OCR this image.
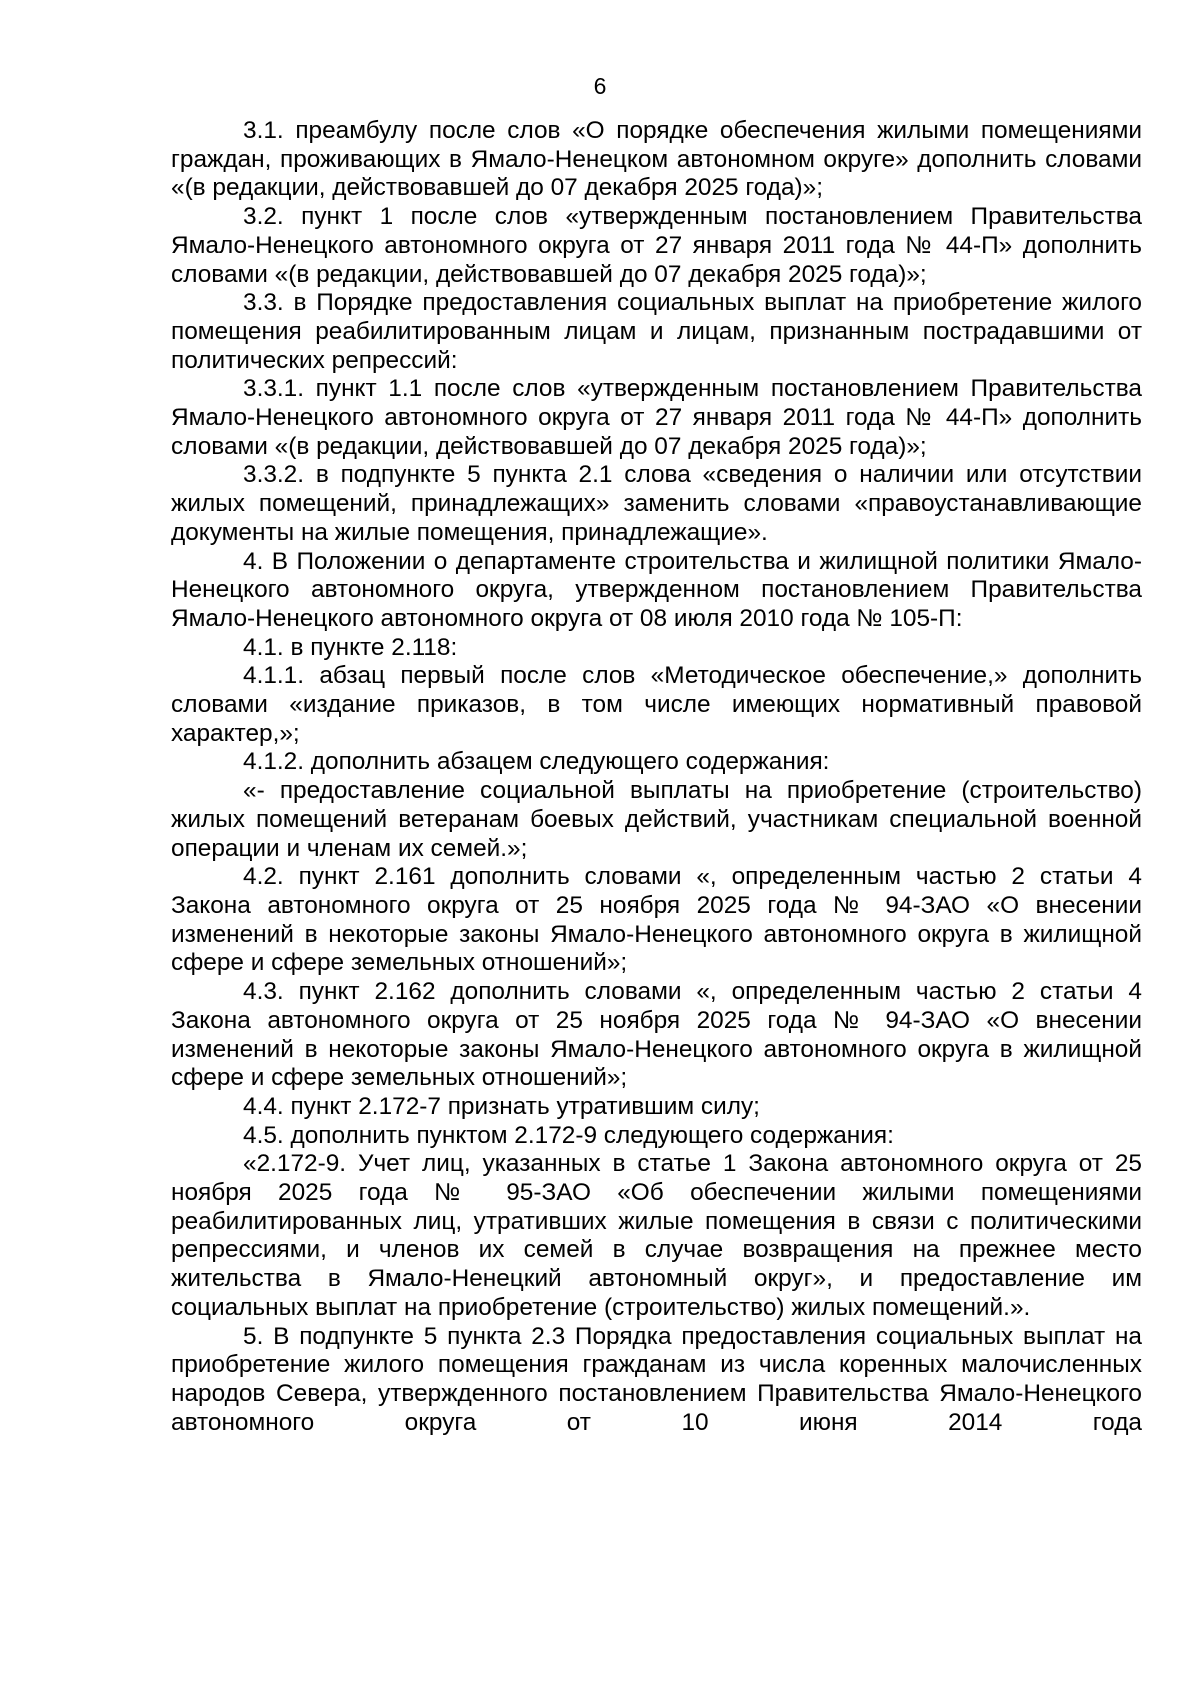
6

3.1. преамбулу после слов «О порядке обеспечения жилыми помещениями граждан, проживающих в Ямало-Ненецком автономном округе» дополнить словами «(в редакции, действовавшей до 07 декабря 2025 года)»;

3.2. пункт 1 после слов «утвержденным постановлением Правительства Ямало-Ненецкого автономного округа от 27 января 2011 года № 44-П» дополнить словами «(в редакции, действовавшей до 07 декабря 2025 года)»;

3.3. в Порядке предоставления социальных выплат на приобретение жилого помещения реабилитированным лицам и лицам, признанным пострадавшими от политических репрессий:

3.3.1. пункт 1.1 после слов «утвержденным постановлением Правительства Ямало-Ненецкого автономного округа от 27 января 2011 года № 44-П» дополнить словами «(в редакции, действовавшей до 07 декабря 2025 года)»;

3.3.2. в подпункте 5 пункта 2.1 слова «сведения о наличии или отсутствии жилых помещений, принадлежащих» заменить словами «правоустанавливающие документы на жилые помещения, принадлежащие».

4. В Положении о департаменте строительства и жилищной политики Ямало-Ненецкого автономного округа, утвержденном постановлением Правительства Ямало-Ненецкого автономного округа от 08 июля 2010 года № 105-П:

4.1. в пункте 2.118:

4.1.1. абзац первый после слов «Методическое обеспечение,» дополнить словами «издание приказов, в том числе имеющих нормативный правовой характер,»;

4.1.2. дополнить абзацем следующего содержания:

«- предоставление социальной выплаты на приобретение (строительство) жилых помещений ветеранам боевых действий, участникам специальной военной операции и членам их семей.»;

4.2. пункт 2.161 дополнить словами «, определенным частью 2 статьи 4 Закона автономного округа от 25 ноября 2025 года № 94-ЗАО «О внесении изменений в некоторые законы Ямало-Ненецкого автономного округа в жилищной сфере и сфере земельных отношений»;

4.3. пункт 2.162 дополнить словами «, определенным частью 2 статьи 4 Закона автономного округа от 25 ноября 2025 года № 94-ЗАО «О внесении изменений в некоторые законы Ямало-Ненецкого автономного округа в жилищной сфере и сфере земельных отношений»;

4.4. пункт 2.172-7 признать утратившим силу;

4.5. дополнить пунктом 2.172-9 следующего содержания:

«2.172-9. Учет лиц, указанных в статье 1 Закона автономного округа от 25 ноября 2025 года № 95-ЗАО «Об обеспечении жилыми помещениями реабилитированных лиц, утративших жилые помещения в связи с политическими репрессиями, и членов их семей в случае возвращения на прежнее место жительства в Ямало-Ненецкий автономный округ», и предоставление им социальных выплат на приобретение (строительство) жилых помещений.».

5. В подпункте 5 пункта 2.3 Порядка предоставления социальных выплат на приобретение жилого помещения гражданам из числа коренных малочисленных народов Севера, утвержденного постановлением Правительства Ямало-Ненецкого автономного округа от 10 июня 2014 года
